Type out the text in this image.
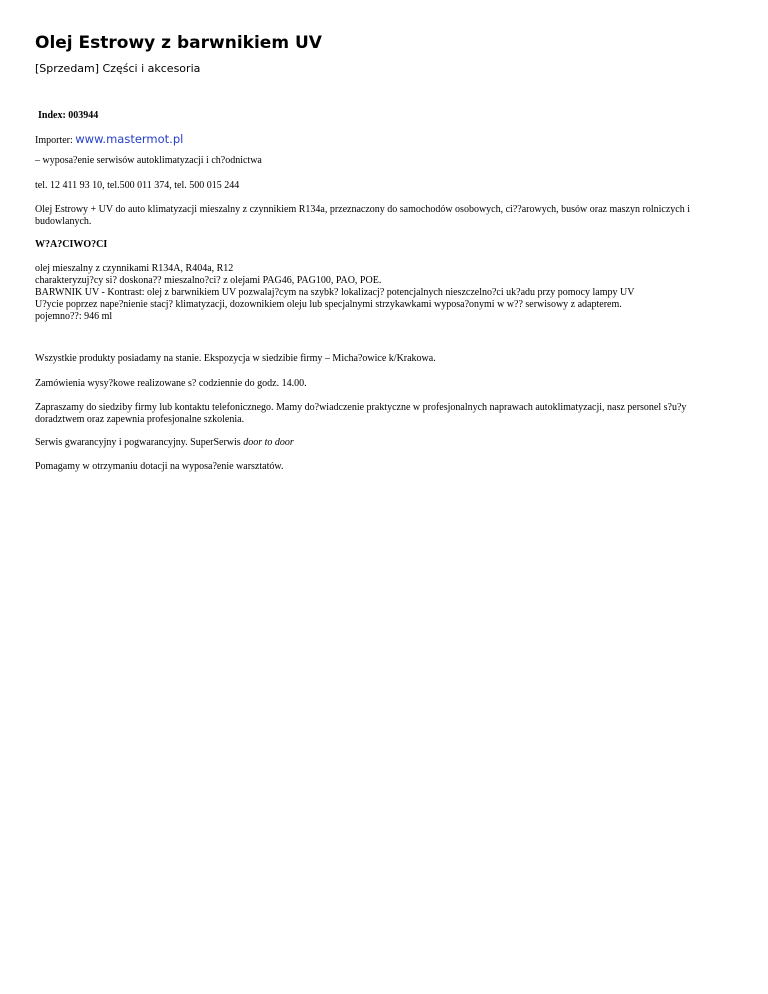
Olej Estrowy z barwnikiem UV
[Sprzedam] Części i akcesoria
Index: 003944
Importer: www.mastermot.pl
– wyposa?enie serwisów autoklimatyzacji i ch?odnictwa
tel. 12 411 93 10, tel.500 011 374, tel. 500 015 244
Olej Estrowy + UV do auto klimatyzacji mieszalny z czynnikiem R134a, przeznaczony do samochodów osobowych, ci??arowych, busów oraz maszyn rolniczych i budowlanych.
W?A?CIWO?CI
olej mieszalny z czynnikami R134A, R404a, R12
charakteryzuj?cy si? doskona?? mieszalno?ci? z olejami PAG46, PAG100, PAO, POE.
BARWNIK UV - Kontrast: olej z barwnikiem UV pozwalaj?cym na szybk? lokalizacj? potencjalnych nieszczelno?ci uk?adu przy pomocy lampy UV
U?ycie poprzez nape?nienie stacj? klimatyzacji, dozownikiem oleju lub specjalnymi strzykawkami wyposa?onymi w w?? serwisowy z adapterem.
pojemno??: 946 ml
Wszystkie produkty posiadamy na stanie. Ekspozycja w siedzibie firmy – Micha?owice k/Krakowa.
Zamówienia wysy?kowe realizowane s? codziennie do godz. 14.00.
Zapraszamy do siedziby firmy lub kontaktu telefonicznego. Mamy do?wiadczenie praktyczne w profesjonalnych naprawach autoklimatyzacji, nasz personel s?u?y doradztwem oraz zapewnia profesjonalne szkolenia.
Serwis gwarancyjny i pogwarancyjny. SuperSerwis door to door
Pomagamy w otrzymaniu dotacji na wyposa?enie warsztatów.
